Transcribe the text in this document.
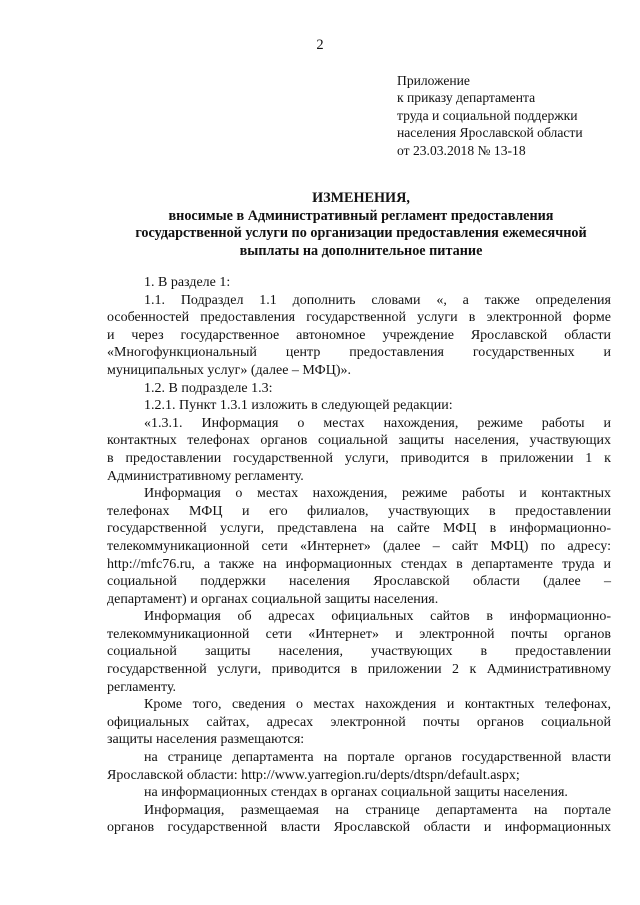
2
Приложение
к приказу департамента
труда и социальной поддержки
населения Ярославской области
от 23.03.2018 № 13-18
ИЗМЕНЕНИЯ,
вносимые в Административный регламент предоставления
государственной услуги по организации предоставления ежемесячной
выплаты на дополнительное питание
1. В разделе 1:
1.1. Подраздел 1.1 дополнить словами «, а также определения
особенностей предоставления государственной услуги в электронной форме
и через государственное автономное учреждение Ярославской области
«Многофункциональный центр предоставления государственных и
муниципальных услуг» (далее – МФЦ)».
1.2. В подразделе 1.3:
1.2.1. Пункт 1.3.1 изложить в следующей редакции:
«1.3.1. Информация о местах нахождения, режиме работы и
контактных телефонах органов социальной защиты населения, участвующих
в предоставлении государственной услуги, приводится в приложении 1 к
Административному регламенту.
Информация о местах нахождения, режиме работы и контактных
телефонах МФЦ и его филиалов, участвующих в предоставлении
государственной услуги, представлена на сайте МФЦ в информационно-
телекоммуникационной сети «Интернет» (далее – сайт МФЦ) по адресу:
http://mfc76.ru, а также на информационных стендах в департаменте труда и
социальной поддержки населения Ярославской области (далее –
департамент) и органах социальной защиты населения.
Информация об адресах официальных сайтов в информационно-
телекоммуникационной сети «Интернет» и электронной почты органов
социальной защиты населения, участвующих в предоставлении
государственной услуги, приводится в приложении 2 к Административному
регламенту.
Кроме того, сведения о местах нахождения и контактных телефонах,
официальных сайтах, адресах электронной почты органов социальной
защиты населения размещаются:
на странице департамента на портале органов государственной власти
Ярославской области: http://www.yarregion.ru/depts/dtspn/default.aspx;
на информационных стендах в органах социальной защиты населения.
Информация, размещаемая на странице департамента на портале
органов государственной власти Ярославской области и информационных
